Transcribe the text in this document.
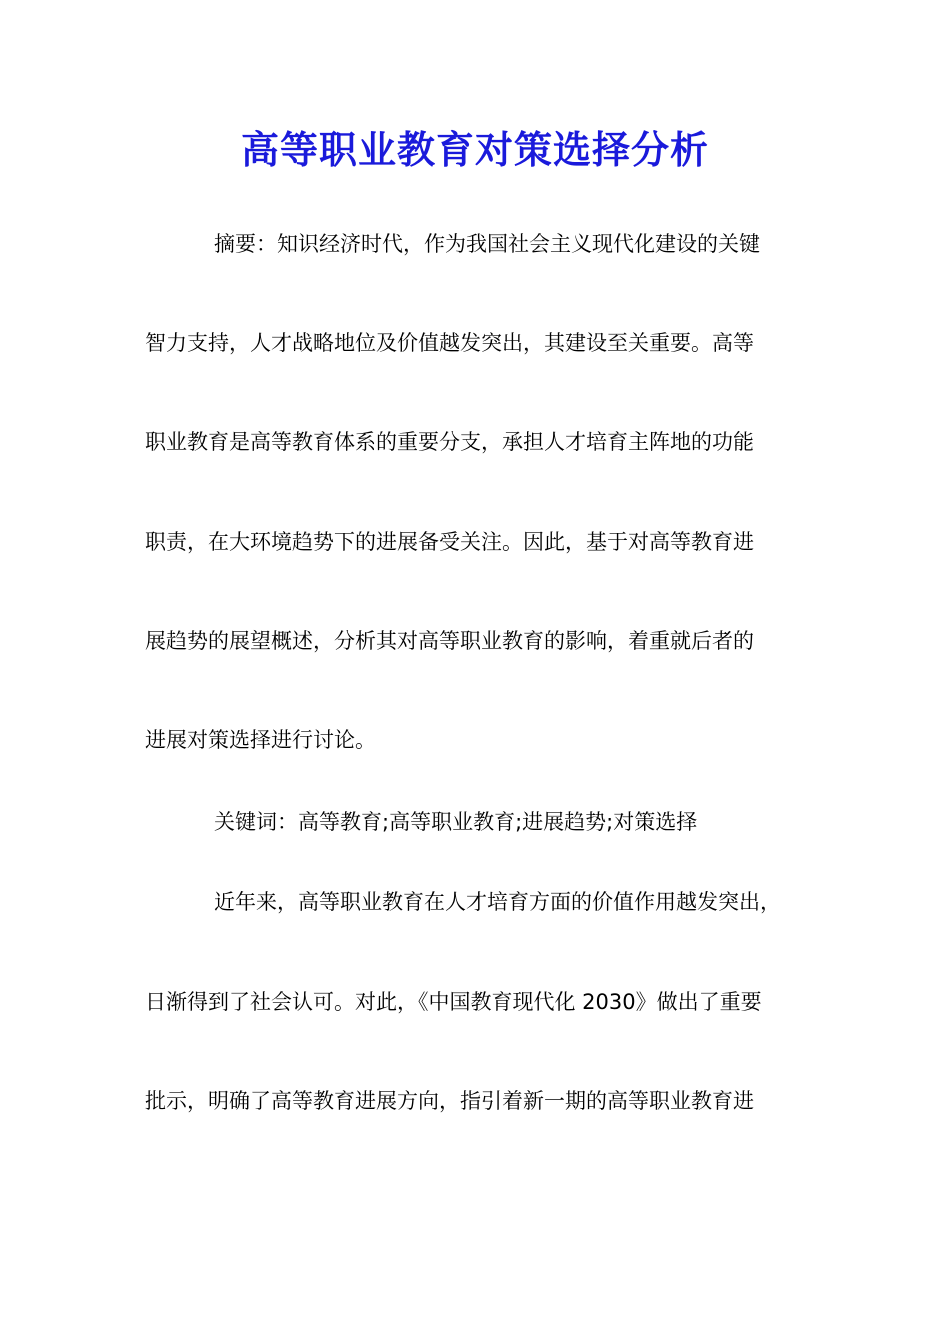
高等职业教育对策选择分析
摘要：知识经济时代，作为我国社会主义现代化建设的关键
智力支持，人才战略地位及价值越发突出，其建设至关重要。高等
职业教育是高等教育体系的重要分支，承担人才培育主阵地的功能
职责，在大环境趋势下的进展备受关注。因此，基于对高等教育进
展趋势的展望概述，分析其对高等职业教育的影响，着重就后者的
进展对策选择进行讨论。
关键词：高等教育;高等职业教育;进展趋势;对策选择
近年来，高等职业教育在人才培育方面的价值作用越发突出，
日渐得到了社会认可。对此，《中国教育现代化 2030》做出了重要
批示，明确了高等教育进展方向，指引着新一期的高等职业教育进
